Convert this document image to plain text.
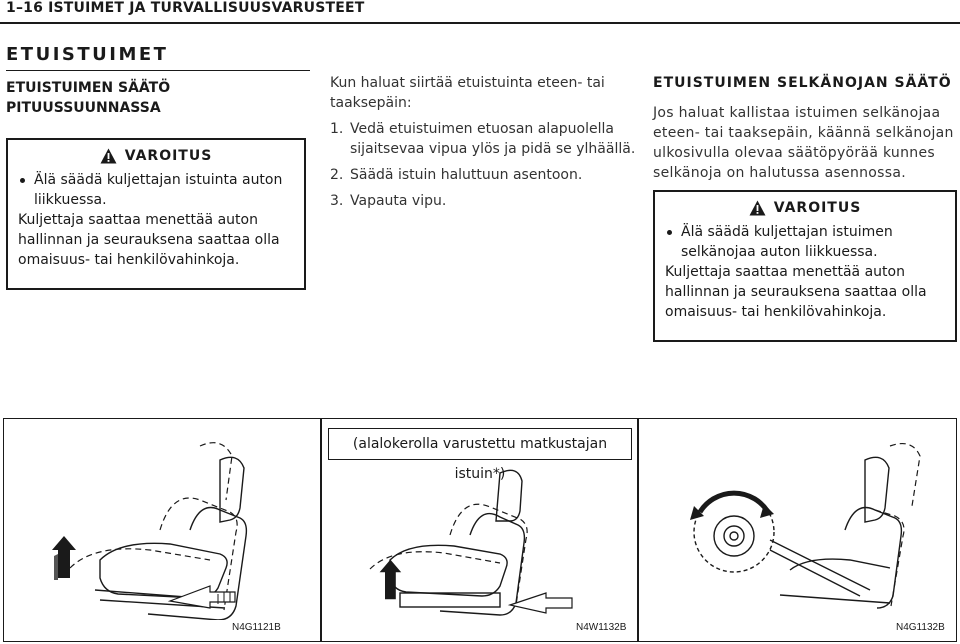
1–16 ISTUIMET JA TURVALLISUUSVARUSTEET
ETUISTUIMET
ETUISTUIMEN SÄÄTÖ PITUUSSUUNNASSA
VAROITUS
Älä säädä kuljettajan istuinta auton liikkuessa.

Kuljettaja saattaa menettää auton hallinnan ja seurauksena saattaa olla omaisuus- tai henkilövahinkoja.

Kun haluat siirtää etuistuinta eteen- tai taaksepäin:

1. Vedä etuistuimen etuosan alapuolella sijaitsevaa vipua ylös ja pidä se ylhäällä.
2. Säädä istuin haluttuun asentoon.
3. Vapauta vipu.
ETUISTUIMEN SELKÄNOJAN SÄÄTÖ
Jos haluat kallistaa istuimen selkänojaa eteen- tai taaksepäin, käännä selkänojan ulkosivulla olevaa säätöpyörää kunnes selkänoja on halutussa asennossa.
VAROITUS
Älä säädä kuljettajan istuimen selkänojaa auton liikkuessa.

Kuljettaja saattaa menettää auton hallinnan ja seurauksena saattaa olla omaisuus- tai henkilövahinkoja.

(alalokerolla varustettu matkustajan istuin*)
N4G1121B	N4W1132B	N4G1132B
